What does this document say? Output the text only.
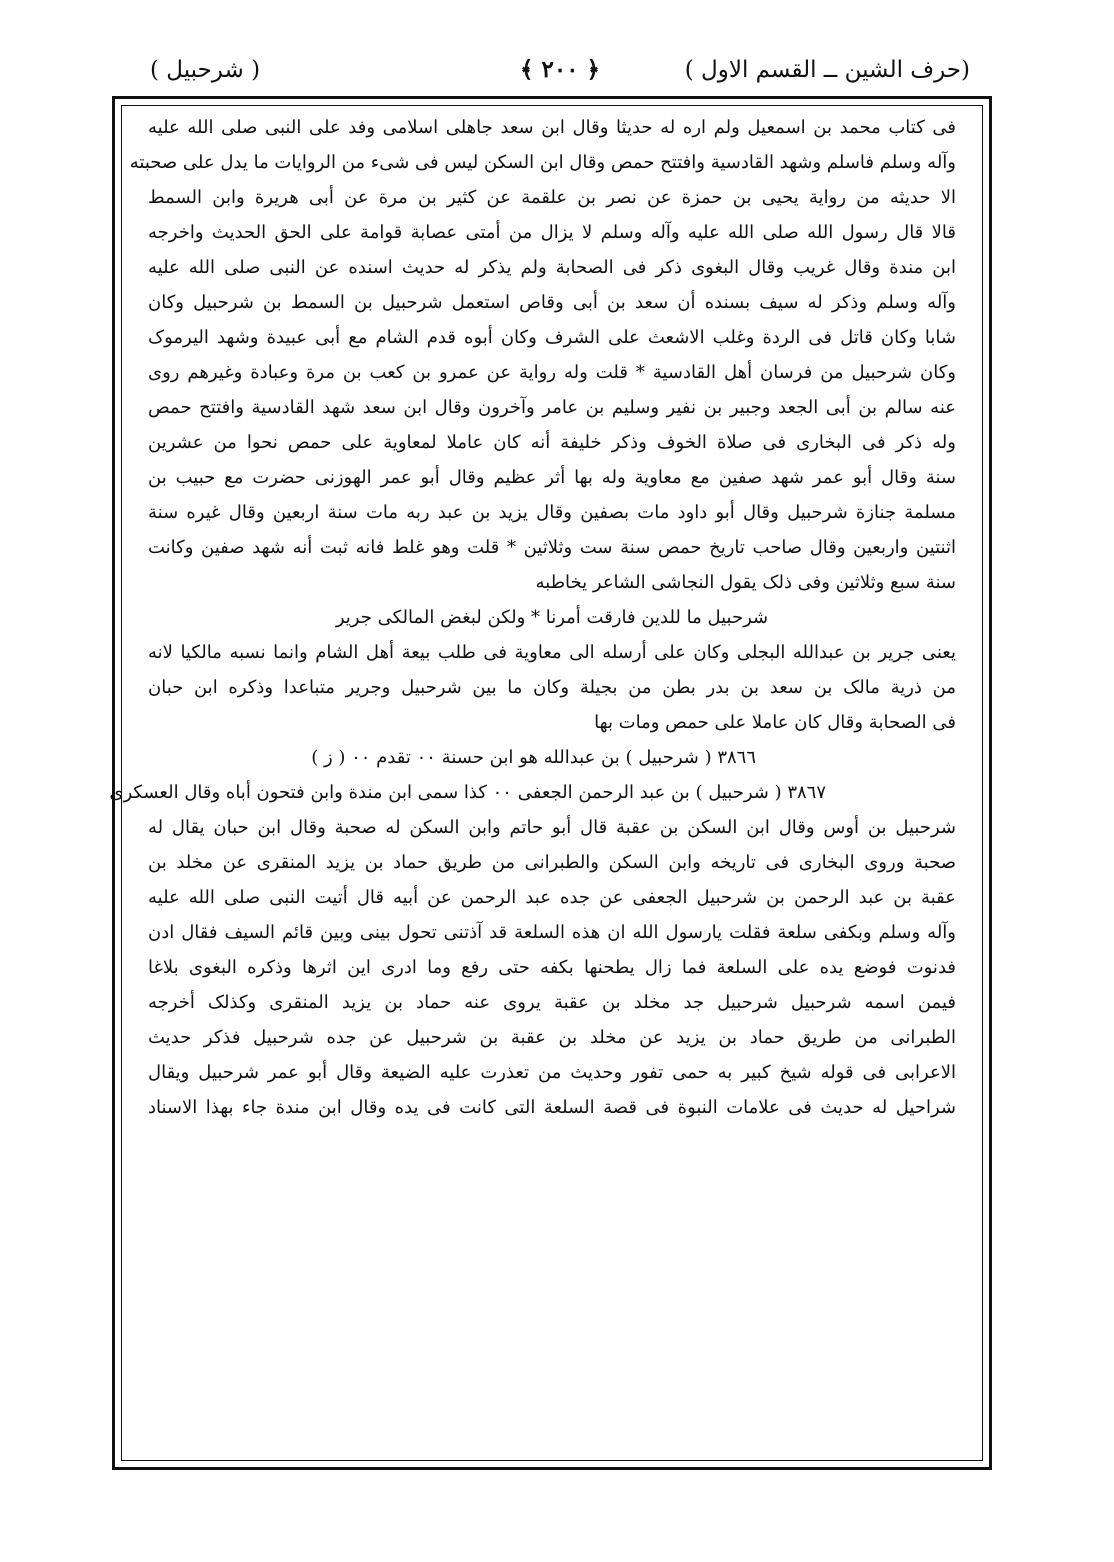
(حرف الشين ــ القسم الاول )
﴿ ٢٠٠ ﴾
( شرحبيل )
فی کتاب محمد بن اسمعیل ولم اره له حدیثا وقال ابن سعد جاهلی اسلامی وفد علی النبی صلی الله علیه
وآله وسلم فاسلم وشهد القادسیة وافتتح حمص وقال ابن السکن لیس فی شیء من الروایات ما یدل علی صحبته
الا حدیثه من روایة یحیی بن حمزة عن نصر بن علقمة عن کثیر بن مرة عن أبی هریرة وابن السمط
قالا قال رسول الله صلی الله علیه وآله وسلم لا یزال من أمتی عصابة قوامة علی الحق الحدیث واخرجه
ابن مندة وقال غریب وقال البغوی ذکر فی الصحابة ولم یذکر له حدیث اسنده عن النبی صلی الله علیه
وآله وسلم وذکر له سیف بسنده أن سعد بن أبی وقاص استعمل شرحبیل بن السمط بن شرحبیل وکان
شابا وکان قاتل فی الردة وغلب الاشعث علی الشرف وکان أبوه قدم الشام مع أبی عبیدة وشهد الیرموک
وکان شرحبیل من فرسان أهل القادسیة * قلت وله روایة عن عمرو بن کعب بن مرة وعبادة وغیرهم روی
عنه سالم بن أبی الجعد وجبیر بن نفیر وسلیم بن عامر وآخرون وقال ابن سعد شهد القادسیة وافتتح حمص
وله ذکر فی البخاری فی صلاة الخوف وذکر خلیفة أنه کان عاملا لمعاویة علی حمص نحوا من عشرین
سنة وقال أبو عمر شهد صفین مع معاویة وله بها أثر عظیم وقال أبو عمر الهوزنی حضرت مع حبیب بن
مسلمة جنازة شرحبیل وقال أبو داود مات بصفین وقال یزید بن عبد ربه مات سنة اربعین وقال غیره سنة
اثنتین واربعین وقال صاحب تاریخ حمص سنة ست وثلاثین * قلت وهو غلط فانه ثبت أنه شهد صفین وکانت
سنة سبع وثلاثین وفی ذلک یقول النجاشی الشاعر یخاطبه
شرحبیل ما للدین فارقت أمرنا * ولکن لبغض المالکی جریر
یعنی جریر بن عبدالله البجلی وکان علی أرسله الی معاویة فی طلب بیعة أهل الشام وانما نسبه مالکیا لانه
من ذریة مالک بن سعد بن بدر بطن من بجیلة وکان ما بین شرحبیل وجریر متباعدا وذکره ابن حبان
فی الصحابة وقال کان عاملا علی حمص ومات بها
٣٨٦٦ ( شرحبیل ) بن عبدالله هو ابن حسنة ٠٠ تقدم ٠٠ ( ز )
٣٨٦٧ ( شرحبیل ) بن عبد الرحمن الجعفی ٠٠ کذا سمی ابن مندة وابن فتحون أباه وقال العسکری
شرحبیل بن أوس وقال ابن السکن بن عقبة قال أبو حاتم وابن السکن له صحبة وقال ابن حبان یقال له
صحبة وروی البخاری فی تاریخه وابن السکن والطبرانی من طریق حماد بن یزید المنقری عن مخلد بن
عقبة بن عبد الرحمن بن شرحبیل الجعفی عن جده عبد الرحمن عن أبیه قال أتیت النبی صلی الله علیه
وآله وسلم وبکفی سلعة فقلت یارسول الله ان هذه السلعة قد آذتنی تحول بینی وبین قائم السیف فقال ادن
فدنوت فوضع یده علی السلعة فما زال یطحنها بکفه حتی رفع وما ادری این اثرها وذکره البغوی بلاغا
فیمن اسمه شرحبیل شرحبیل جد مخلد بن عقبة یروی عنه حماد بن یزید المنقری وکذلک أخرجه
الطبرانی من طریق حماد بن یزید عن مخلد بن عقبة بن شرحبیل عن جده شرحبیل فذکر حدیث
الاعرابی فی قوله شیخ کبیر به حمی تفور وحدیث من تعذرت علیه الضیعة وقال أبو عمر شرحبیل ویقال
شراحیل له حدیث فی علامات النبوة فی قصة السلعة التی کانت فی یده وقال ابن مندة جاء بهذا الاسناد
